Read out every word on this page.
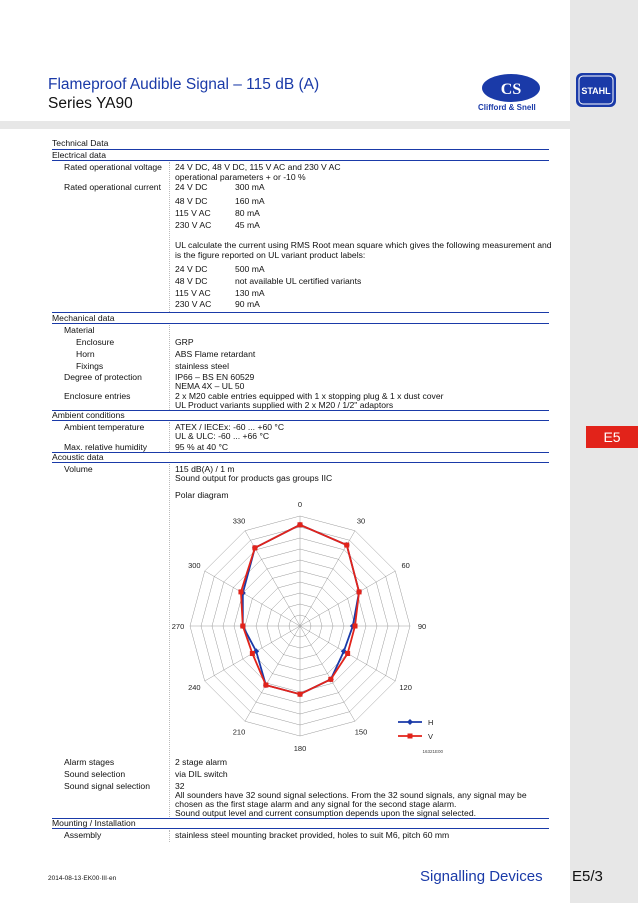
Flameproof Audible Signal – 115 dB (A)
Series YA90
CS
Clifford & Snell
STAHL
Technical Data
Electrical data
Rated operational voltage 24 V DC, 48 V DC, 115 V AC and 230 V AC
operational parameters + or -10 %
Rated operational current 24 V DC	300 mA
48 V DC	160 mA
115 V AC	80 mA
230 V AC	45 mA
UL calculate the current using RMS Root mean square which gives the following measurement and
is the figure reported on UL variant product labels:
24 V DC	500 mA
48 V DC	not available UL certified variants
115 V AC	130 mA
230 V AC	90 mA
Mechanical data
Material
Enclosure	GRP
Horn	ABS Flame retardant
Fixings	stainless steel
Degree of protection	IP66 – BS EN 60529
NEMA 4X – UL 50
Enclosure entries	2 x M20 cable entries equipped with 1 x stopping plug & 1 x dust cover
UL Product variants supplied with 2 x M20 / 1/2" adaptors
Ambient conditions
Ambient temperature	ATEX / IECEx: -60 ... +60 °C
UL & ULC: -60 ... +66 °C
Max. relative humidity	95 % at 40 °C
Acoustic data
Volume	115 dB(A) / 1 m
Sound output for products gas groups IIC
Polar diagram
0
30
60
90
120
150
180
210
240
270
300
330
H
V
16321E00
Alarm stages	2 stage alarm
Sound selection	via DIL switch
Sound signal selection	32
All sounders have 32 sound signal selections. From the 32 sound signals, any signal may be
chosen as the first stage alarm and any signal for the second stage alarm.
Sound output level and current consumption depends upon the signal selected.
Mounting / Installation
Assembly	stainless steel mounting bracket provided, holes to suit M6, pitch 60 mm
E5
2014-08-13·EK00·III·en	Signalling Devices E5/3
